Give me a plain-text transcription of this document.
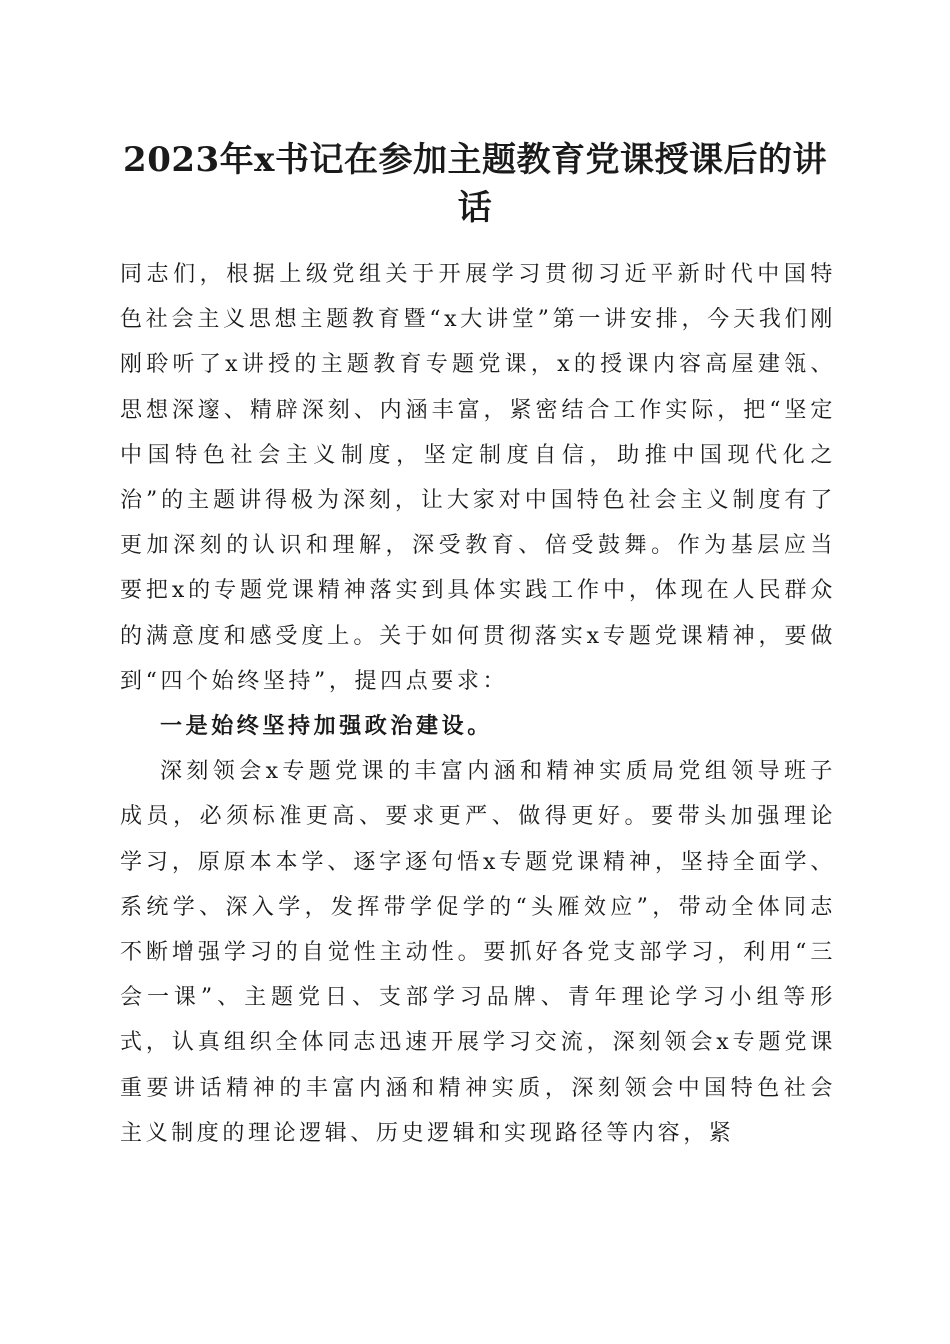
2023年x书记在参加主题教育党课授课后的讲话

同志们，根据上级党组关于开展学习贯彻习近平新时代中国特色社会主义思想主题教育暨“x大讲堂”第一讲安排，今天我们刚刚聆听了x讲授的主题教育专题党课，x的授课内容高屋建瓴、思想深邃、精辟深刻、内涵丰富，紧密结合工作实际，把“坚定中国特色社会主义制度，坚定制度自信，助推中国现代化之治”的主题讲得极为深刻，让大家对中国特色社会主义制度有了更加深刻的认识和理解，深受教育、倍受鼓舞。作为基层应当要把x的专题党课精神落实到具体实践工作中，体现在人民群众的满意度和感受度上。关于如何贯彻落实x专题党课精神，要做到“四个始终坚持”，提四点要求：

一是始终坚持加强政治建设。

深刻领会x专题党课的丰富内涵和精神实质局党组领导班子成员，必须标准更高、要求更严、做得更好。要带头加强理论学习，原原本本学、逐字逐句悟x专题党课精神，坚持全面学、系统学、深入学，发挥带学促学的“头雁效应”，带动全体同志不断增强学习的自觉性主动性。要抓好各党支部学习，利用“三会一课”、主题党日、支部学习品牌、青年理论学习小组等形式，认真组织全体同志迅速开展学习交流，深刻领会x专题党课重要讲话精神的丰富内涵和精神实质，深刻领会中国特色社会主义制度的理论逻辑、历史逻辑和实现路径等内容，紧
